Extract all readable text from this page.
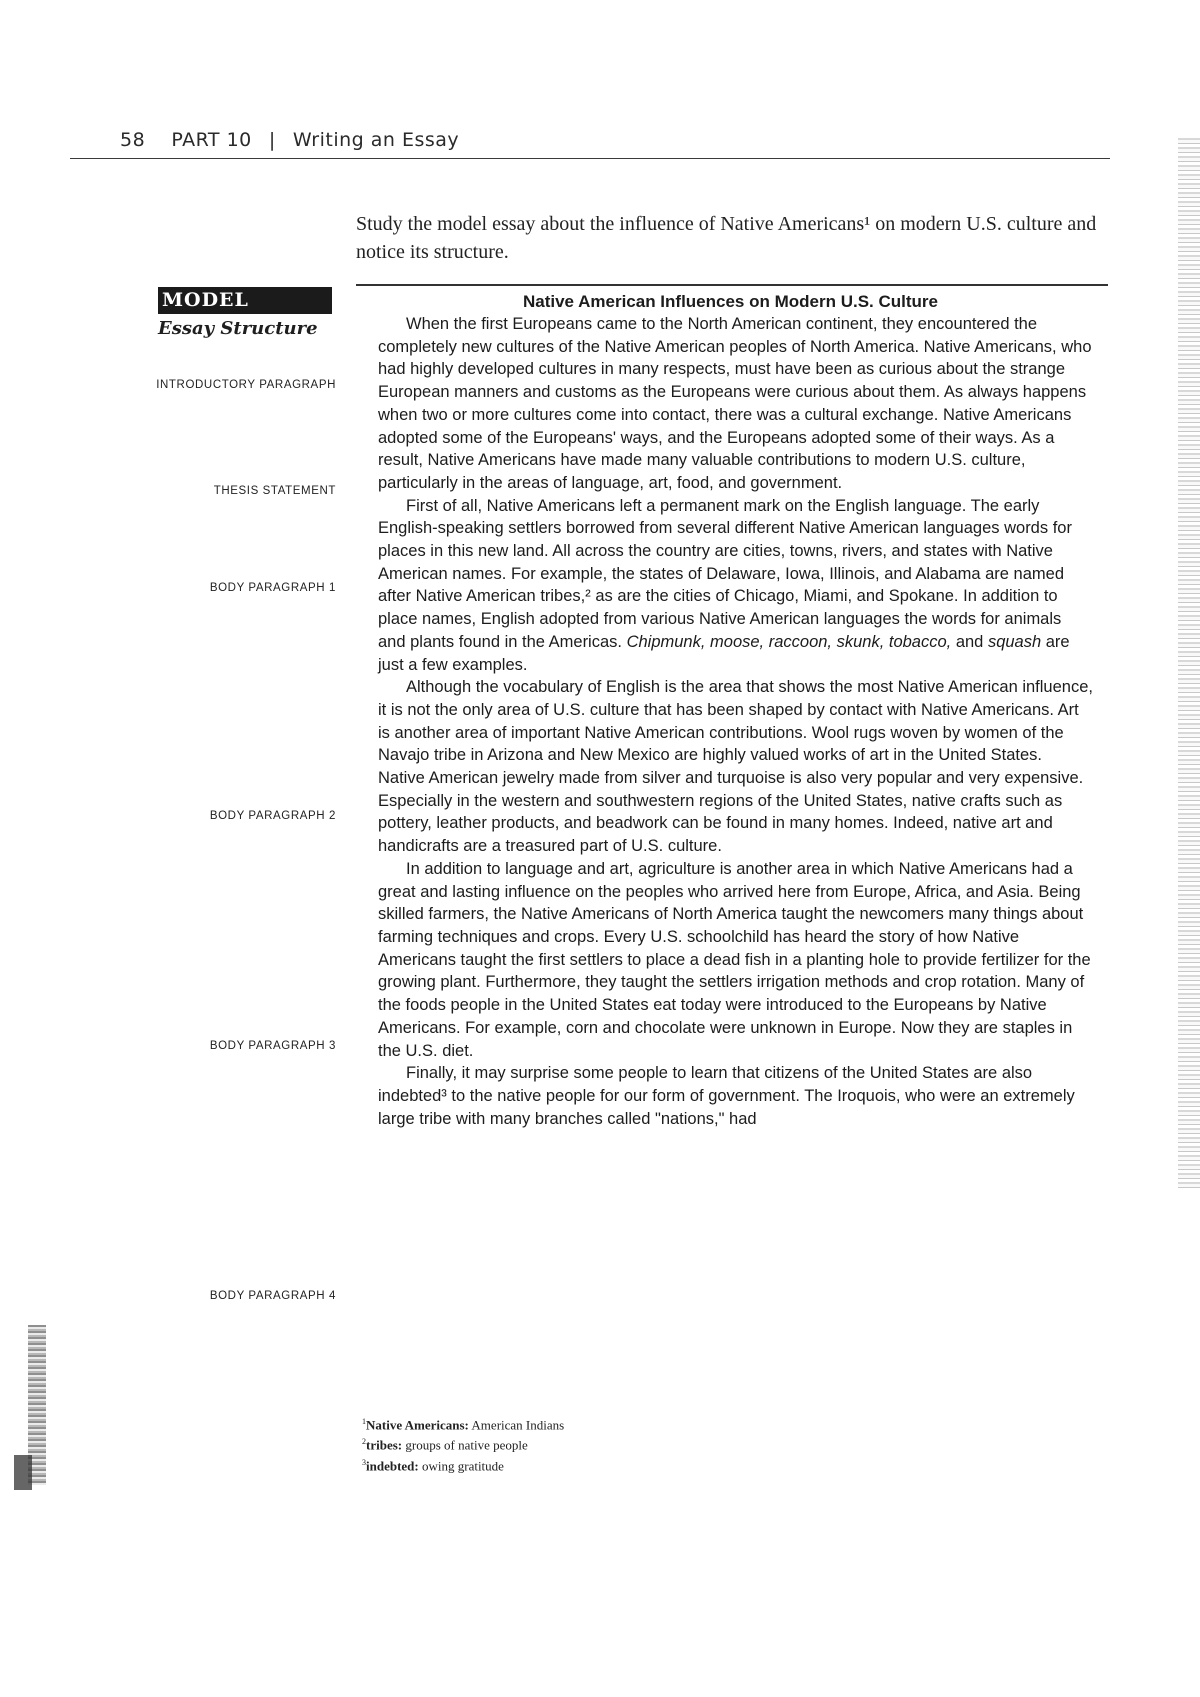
58 PART 10 | Writing an Essay
Study the model essay about the influence of Native Americans¹ on modern U.S. culture and notice its structure.
MODEL
Essay Structure
INTRODUCTORY PARAGRAPH
THESIS STATEMENT
BODY PARAGRAPH 1
BODY PARAGRAPH 2
BODY PARAGRAPH 3
BODY PARAGRAPH 4
Native American Influences on Modern U.S. Culture

When the first Europeans came to the North American continent, they encountered the completely new cultures of the Native American peoples of North America. Native Americans, who had highly developed cultures in many respects, must have been as curious about the strange European manners and customs as the Europeans were curious about them. As always happens when two or more cultures come into contact, there was a cultural exchange. Native Americans adopted some of the Europeans' ways, and the Europeans adopted some of their ways. As a result, Native Americans have made many valuable contributions to modern U.S. culture, particularly in the areas of language, art, food, and government.

First of all, Native Americans left a permanent mark on the English language. The early English-speaking settlers borrowed from several different Native American languages words for places in this new land. All across the country are cities, towns, rivers, and states with Native American names. For example, the states of Delaware, Iowa, Illinois, and Alabama are named after Native American tribes,² as are the cities of Chicago, Miami, and Spokane. In addition to place names, English adopted from various Native American languages the words for animals and plants found in the Americas. Chipmunk, moose, raccoon, skunk, tobacco, and squash are just a few examples.

Although the vocabulary of English is the area that shows the most Native American influence, it is not the only area of U.S. culture that has been shaped by contact with Native Americans. Art is another area of important Native American contributions. Wool rugs woven by women of the Navajo tribe in Arizona and New Mexico are highly valued works of art in the United States. Native American jewelry made from silver and turquoise is also very popular and very expensive. Especially in the western and southwestern regions of the United States, native crafts such as pottery, leather products, and beadwork can be found in many homes. Indeed, native art and handicrafts are a treasured part of U.S. culture.

In addition to language and art, agriculture is another area in which Native Americans had a great and lasting influence on the peoples who arrived here from Europe, Africa, and Asia. Being skilled farmers, the Native Americans of North America taught the newcomers many things about farming techniques and crops. Every U.S. schoolchild has heard the story of how Native Americans taught the first settlers to place a dead fish in a planting hole to provide fertilizer for the growing plant. Furthermore, they taught the settlers irrigation methods and crop rotation. Many of the foods people in the United States eat today were introduced to the Europeans by Native Americans. For example, corn and chocolate were unknown in Europe. Now they are staples in the U.S. diet.

Finally, it may surprise some people to learn that citizens of the United States are also indebted³ to the native people for our form of government. The Iroquois, who were an extremely large tribe with many branches called "nations," had

$^1$Native Americans: American Indians
$^2$tribes: groups of native people
$^3$indebted: owing gratitude
